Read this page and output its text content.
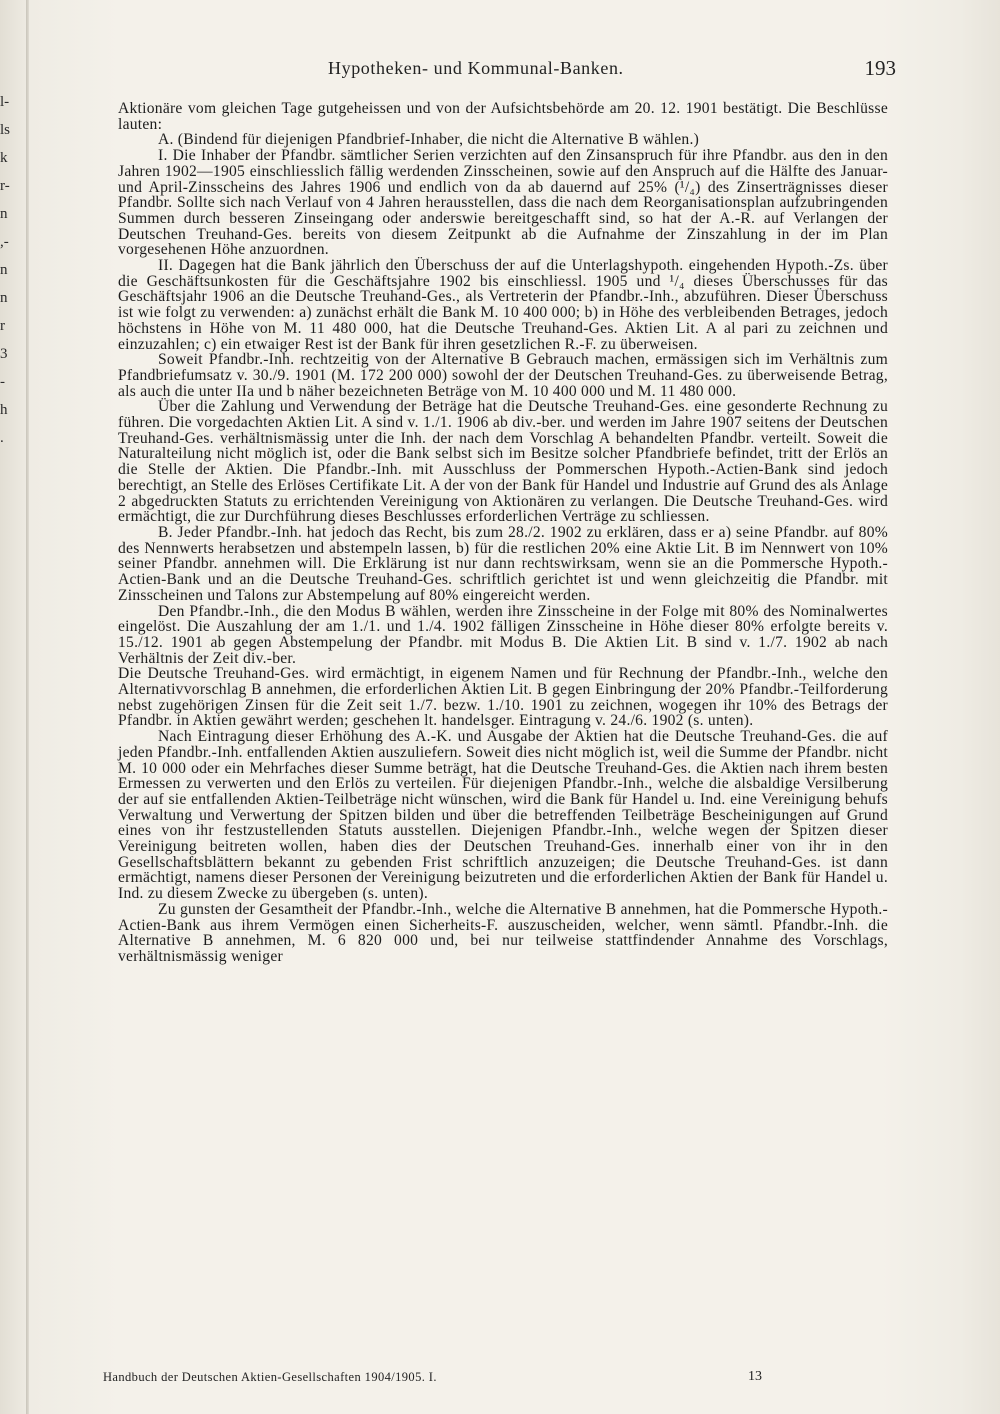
l-
ls
k
r-
n
,-
n
n
r
3
-
h
.
Hypotheken- und Kommunal-Banken.	193

Aktionäre vom gleichen Tage gutgeheissen und von der Aufsichtsbehörde am 20. 12. 1901 bestätigt. Die Beschlüsse lauten:

A. (Bindend für diejenigen Pfandbrief-Inhaber, die nicht die Alternative B wählen.)

I. Die Inhaber der Pfandbr. sämtlicher Serien verzichten auf den Zinsanspruch für ihre Pfandbr. aus den in den Jahren 1902—1905 einschliesslich fällig werdenden Zinsscheinen, sowie auf den Anspruch auf die Hälfte des Januar- und April-Zinsscheins des Jahres 1906 und endlich von da ab dauernd auf 25% (¹/₄) des Zinserträgnisses dieser Pfandbr. Sollte sich nach Verlauf von 4 Jahren herausstellen, dass die nach dem Reorganisationsplan aufzubringenden Summen durch besseren Zinseingang oder anderswie bereitgeschafft sind, so hat der A.-R. auf Verlangen der Deutschen Treuhand-Ges. bereits von diesem Zeitpunkt ab die Aufnahme der Zinszahlung in der im Plan vorgesehenen Höhe anzuordnen.

II. Dagegen hat die Bank jährlich den Überschuss der auf die Unterlagshypoth. eingehenden Hypoth.-Zs. über die Geschäftsunkosten für die Geschäftsjahre 1902 bis einschliessl. 1905 und ¹/₄ dieses Überschusses für das Geschäftsjahr 1906 an die Deutsche Treuhand-Ges., als Vertreterin der Pfandbr.-Inh., abzuführen. Dieser Überschuss ist wie folgt zu verwenden: a) zunächst erhält die Bank M. 10 400 000; b) in Höhe des verbleibenden Betrages, jedoch höchstens in Höhe von M. 11 480 000, hat die Deutsche Treuhand-Ges. Aktien Lit. A al pari zu zeichnen und einzuzahlen; c) ein etwaiger Rest ist der Bank für ihren gesetzlichen R.-F. zu überweisen.

Soweit Pfandbr.-Inh. rechtzeitig von der Alternative B Gebrauch machen, ermässigen sich im Verhältnis zum Pfandbriefumsatz v. 30./9. 1901 (M. 172 200 000) sowohl der der Deutschen Treuhand-Ges. zu überweisende Betrag, als auch die unter IIa und b näher bezeichneten Beträge von M. 10 400 000 und M. 11 480 000.

Über die Zahlung und Verwendung der Beträge hat die Deutsche Treuhand-Ges. eine gesonderte Rechnung zu führen. Die vorgedachten Aktien Lit. A sind v. 1./1. 1906 ab div.-ber. und werden im Jahre 1907 seitens der Deutschen Treuhand-Ges. verhältnismässig unter die Inh. der nach dem Vorschlag A behandelten Pfandbr. verteilt. Soweit die Naturalteilung nicht möglich ist, oder die Bank selbst sich im Besitze solcher Pfandbriefe befindet, tritt der Erlös an die Stelle der Aktien. Die Pfandbr.-Inh. mit Ausschluss der Pommerschen Hypoth.-Actien-Bank sind jedoch berechtigt, an Stelle des Erlöses Certifikate Lit. A der von der Bank für Handel und Industrie auf Grund des als Anlage 2 abgedruckten Statuts zu errichtenden Vereinigung von Aktionären zu verlangen. Die Deutsche Treuhand-Ges. wird ermächtigt, die zur Durchführung dieses Beschlusses erforderlichen Verträge zu schliessen.

B. Jeder Pfandbr.-Inh. hat jedoch das Recht, bis zum 28./2. 1902 zu erklären, dass er a) seine Pfandbr. auf 80% des Nennwerts herabsetzen und abstempeln lassen, b) für die restlichen 20% eine Aktie Lit. B im Nennwert von 10% seiner Pfandbr. annehmen will. Die Erklärung ist nur dann rechtswirksam, wenn sie an die Pommersche Hypoth.-Actien-Bank und an die Deutsche Treuhand-Ges. schriftlich gerichtet ist und wenn gleichzeitig die Pfandbr. mit Zinsscheinen und Talons zur Abstempelung auf 80% eingereicht werden.

Den Pfandbr.-Inh., die den Modus B wählen, werden ihre Zinsscheine in der Folge mit 80% des Nominalwertes eingelöst. Die Auszahlung der am 1./1. und 1./4. 1902 fälligen Zinsscheine in Höhe dieser 80% erfolgte bereits v. 15./12. 1901 ab gegen Abstempelung der Pfandbr. mit Modus B. Die Aktien Lit. B sind v. 1./7. 1902 ab nach Verhältnis der Zeit div.-ber.

Die Deutsche Treuhand-Ges. wird ermächtigt, in eigenem Namen und für Rechnung der Pfandbr.-Inh., welche den Alternativvorschlag B annehmen, die erforderlichen Aktien Lit. B gegen Einbringung der 20% Pfandbr.-Teilforderung nebst zugehörigen Zinsen für die Zeit seit 1./7. bezw. 1./10. 1901 zu zeichnen, wogegen ihr 10% des Betrags der Pfandbr. in Aktien gewährt werden; geschehen lt. handelsger. Eintragung v. 24./6. 1902 (s. unten).

Nach Eintragung dieser Erhöhung des A.-K. und Ausgabe der Aktien hat die Deutsche Treuhand-Ges. die auf jeden Pfandbr.-Inh. entfallenden Aktien auszuliefern. Soweit dies nicht möglich ist, weil die Summe der Pfandbr. nicht M. 10 000 oder ein Mehrfaches dieser Summe beträgt, hat die Deutsche Treuhand-Ges. die Aktien nach ihrem besten Ermessen zu verwerten und den Erlös zu verteilen. Für diejenigen Pfandbr.-Inh., welche die alsbaldige Versilberung der auf sie entfallenden Aktien-Teilbeträge nicht wünschen, wird die Bank für Handel u. Ind. eine Vereinigung behufs Verwaltung und Verwertung der Spitzen bilden und über die betreffenden Teilbeträge Bescheinigungen auf Grund eines von ihr festzustellenden Statuts ausstellen. Diejenigen Pfandbr.-Inh., welche wegen der Spitzen dieser Vereinigung beitreten wollen, haben dies der Deutschen Treuhand-Ges. innerhalb einer von ihr in den Gesellschaftsblättern bekannt zu gebenden Frist schriftlich anzuzeigen; die Deutsche Treuhand-Ges. ist dann ermächtigt, namens dieser Personen der Vereinigung beizutreten und die erforderlichen Aktien der Bank für Handel u. Ind. zu diesem Zwecke zu übergeben (s. unten).

Zu gunsten der Gesamtheit der Pfandbr.-Inh., welche die Alternative B annehmen, hat die Pommersche Hypoth.-Actien-Bank aus ihrem Vermögen einen Sicherheits-F. auszuscheiden, welcher, wenn sämtl. Pfandbr.-Inh. die Alternative B annehmen, M. 6 820 000 und, bei nur teilweise stattfindender Annahme des Vorschlags, verhältnismässig weniger

Handbuch der Deutschen Aktien-Gesellschaften 1904/1905. I.	13
